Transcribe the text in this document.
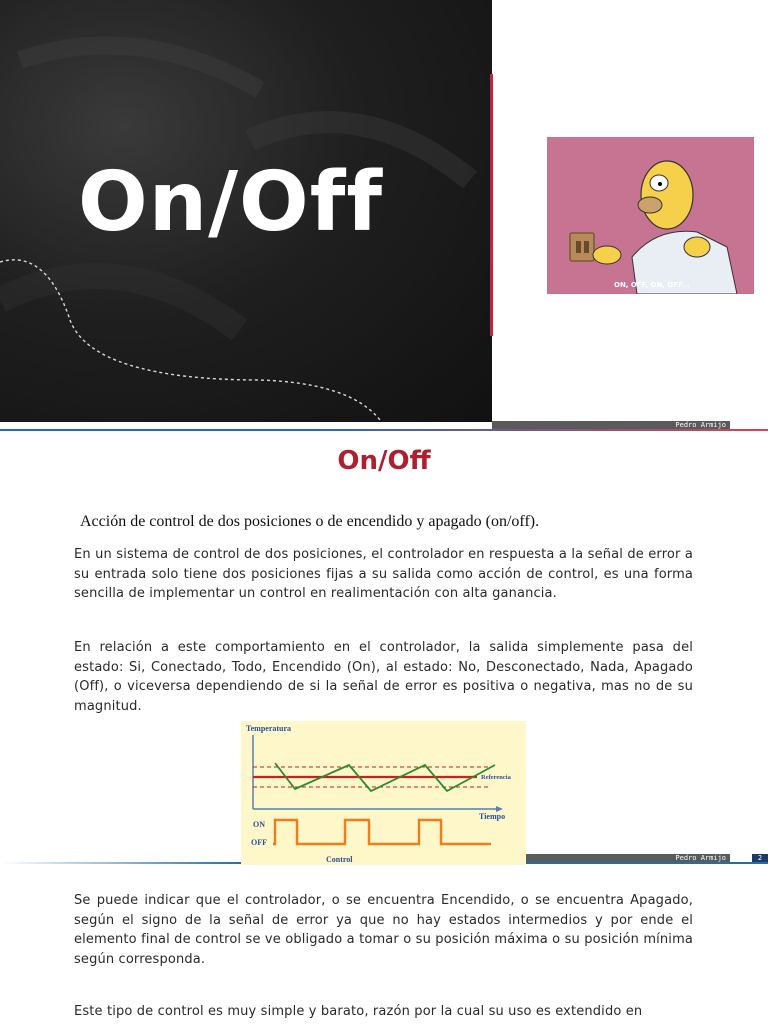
On/Off
ON, OFF, ON, OFF...
Pedro Armijo
On/Off
Acción de control de dos posiciones o de encendido y apagado (on/off).
En un sistema de control de dos posiciones, el controlador en respuesta a la señal de error a su entrada solo tiene dos posiciones fijas a su salida como acción de control, es una forma sencilla de implementar un control en realimentación con alta ganancia.
En relación a este comportamiento en el controlador, la salida simplemente pasa del estado: Si, Conectado, Todo, Encendido (On), al estado: No, Desconectado, Nada, Apagado (Off), o viceversa dependiendo de si la señal de error es positiva o negativa, mas no de su magnitud.
Temperatura
Referencia
Tiempo
ON
OFF
Control	Pedro Armijo	2
Se puede indicar que el controlador, o se encuentra Encendido, o se encuentra Apagado, según el signo de la señal de error ya que no hay estados intermedios y por ende el elemento final de control se ve obligado a tomar o su posición máxima o su posición mínima según corresponda.
Este tipo de control es muy simple y barato, razón por la cual su uso es extendido en
